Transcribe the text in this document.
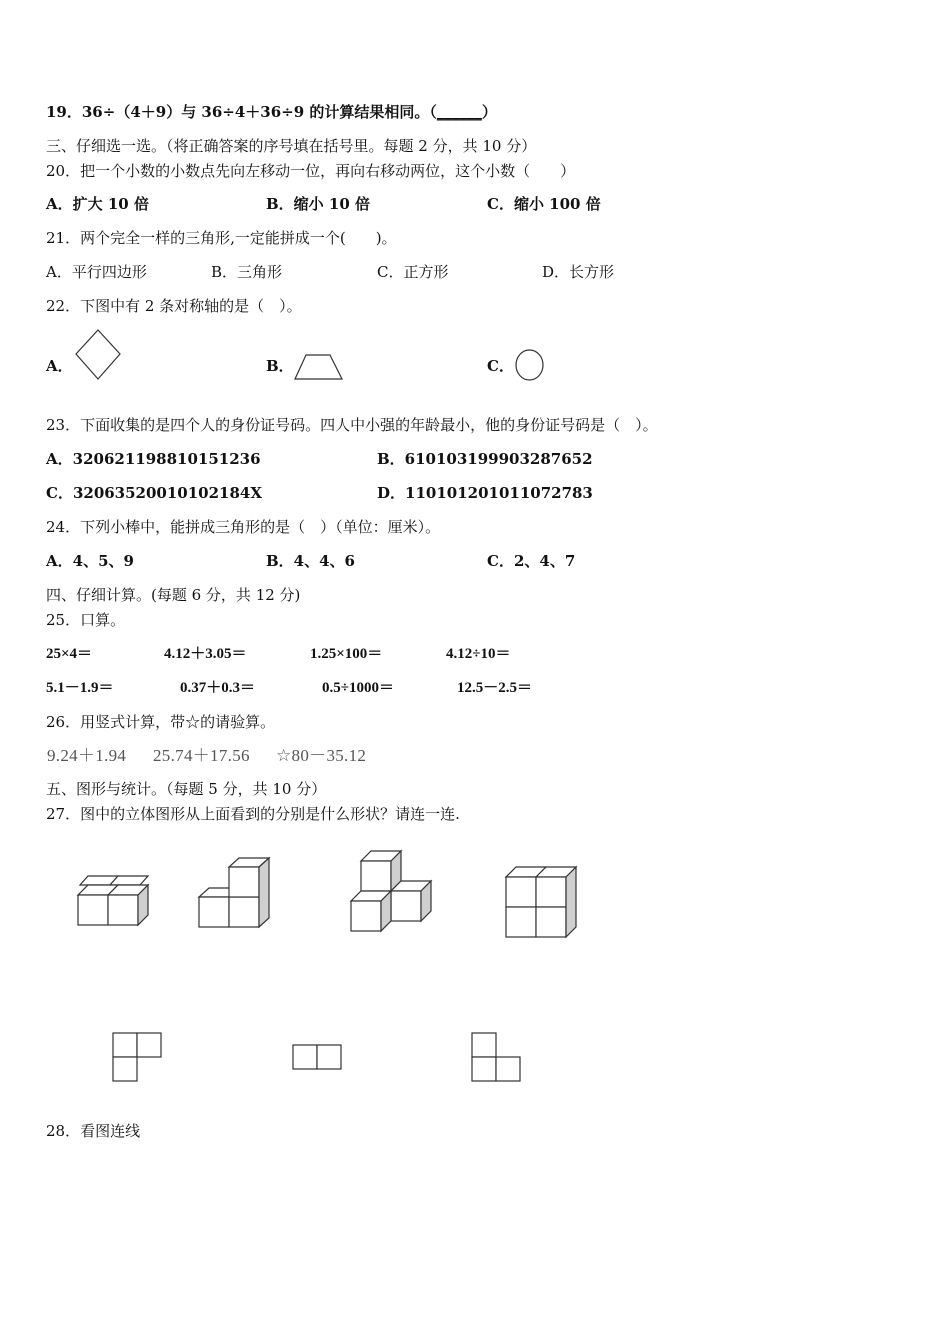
19．36÷（4＋9）与 36÷4＋36÷9 的计算结果相同。（______）
三、仔细选一选。（将正确答案的序号填在括号里。每题 2 分，共 10 分）
20．把一个小数的小数点先向左移动一位，再向右移动两位，这个小数（　　）
A．扩大 10 倍	B．缩小 10 倍	C．缩小 100 倍
21．两个完全一样的三角形,一定能拼成一个(　　)。
A．平行四边形	B．三角形	C．正方形	D．长方形
22．下图中有 2 条对称轴的是（　）。
A．	B．	C．
23．下面收集的是四个人的身份证号码。四人中小强的年龄最小，他的身份证号码是（　）。
A．320621198810151236	B．610103199903287652
C．32063520010102184X	D．110101201011072783
24．下列小棒中，能拼成三角形的是（　）（单位：厘米）。
A．4、5、9	B．4、4、6	C．2、4、7
四、仔细计算。(每题 6 分，共 12 分)
25．口算。
25×4＝	4.12＋3.05＝	1.25×100＝	4.12÷10＝
5.1－1.9＝	0.37＋0.3＝	0.5÷1000＝	12.5－2.5＝
26．用竖式计算，带☆的请验算。
9.24＋1.94 25.74＋17.56 ☆80－35.12
五、图形与统计。（每题 5 分，共 10 分）
27．图中的立体图形从上面看到的分别是什么形状？请连一连.
28．看图连线
